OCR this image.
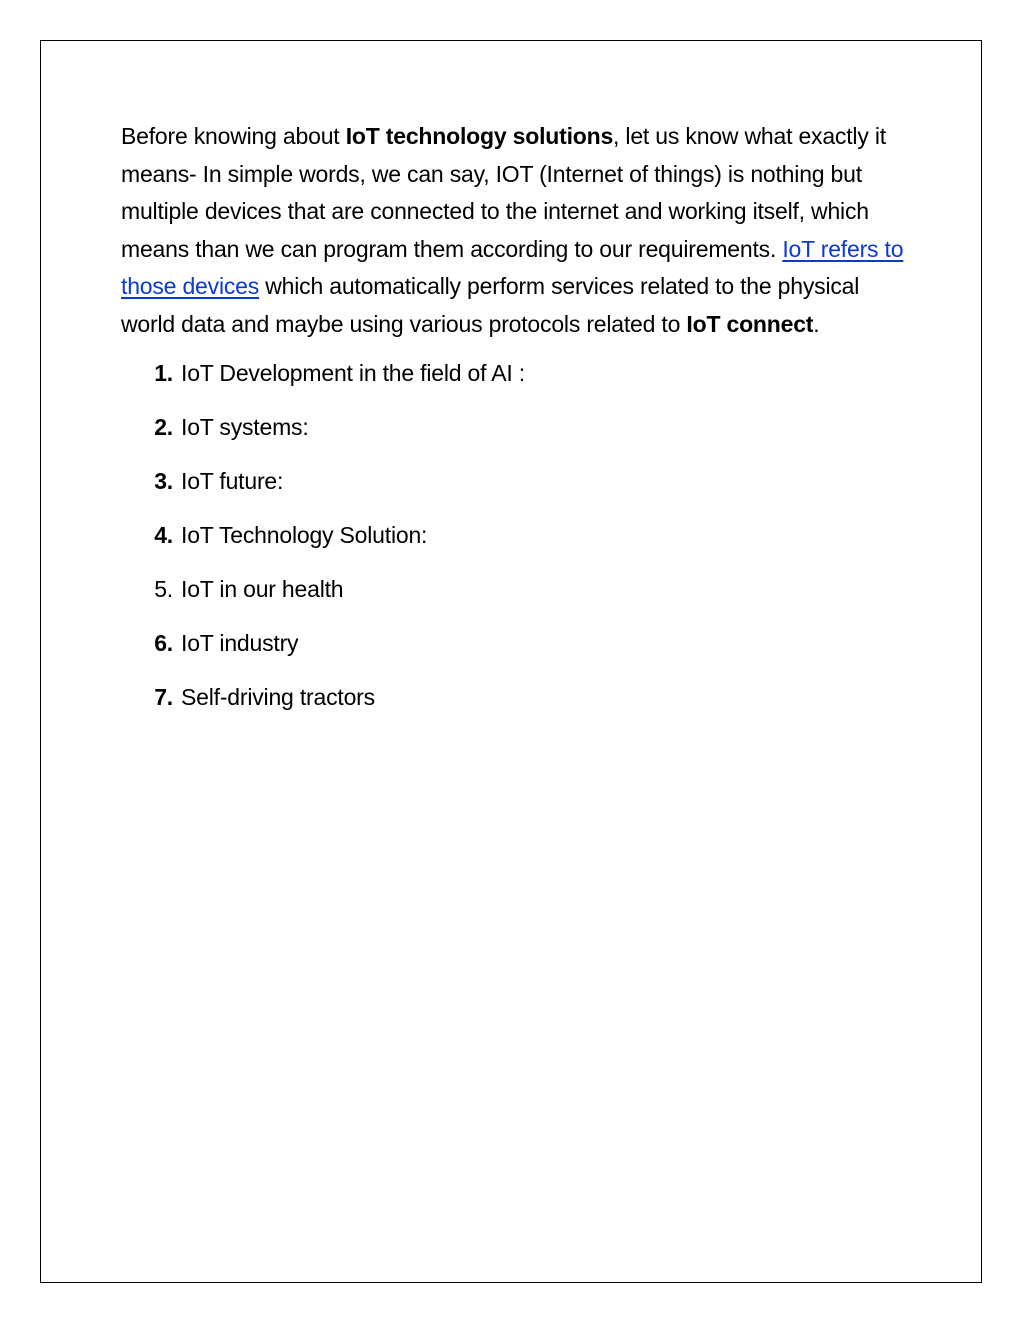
Before knowing about IoT technology solutions, let us know what exactly it means- In simple words, we can say, IOT (Internet of things) is nothing but multiple devices that are connected to the internet and working itself, which means than we can program them according to our requirements. IoT refers to those devices which automatically perform services related to the physical world data and maybe using various protocols related to IoT connect.

1. IoT Development in the field of AI :
2. IoT systems:
3. IoT future:
4. IoT Technology Solution:
5. IoT in our health
6. IoT industry
7. Self-driving tractors
